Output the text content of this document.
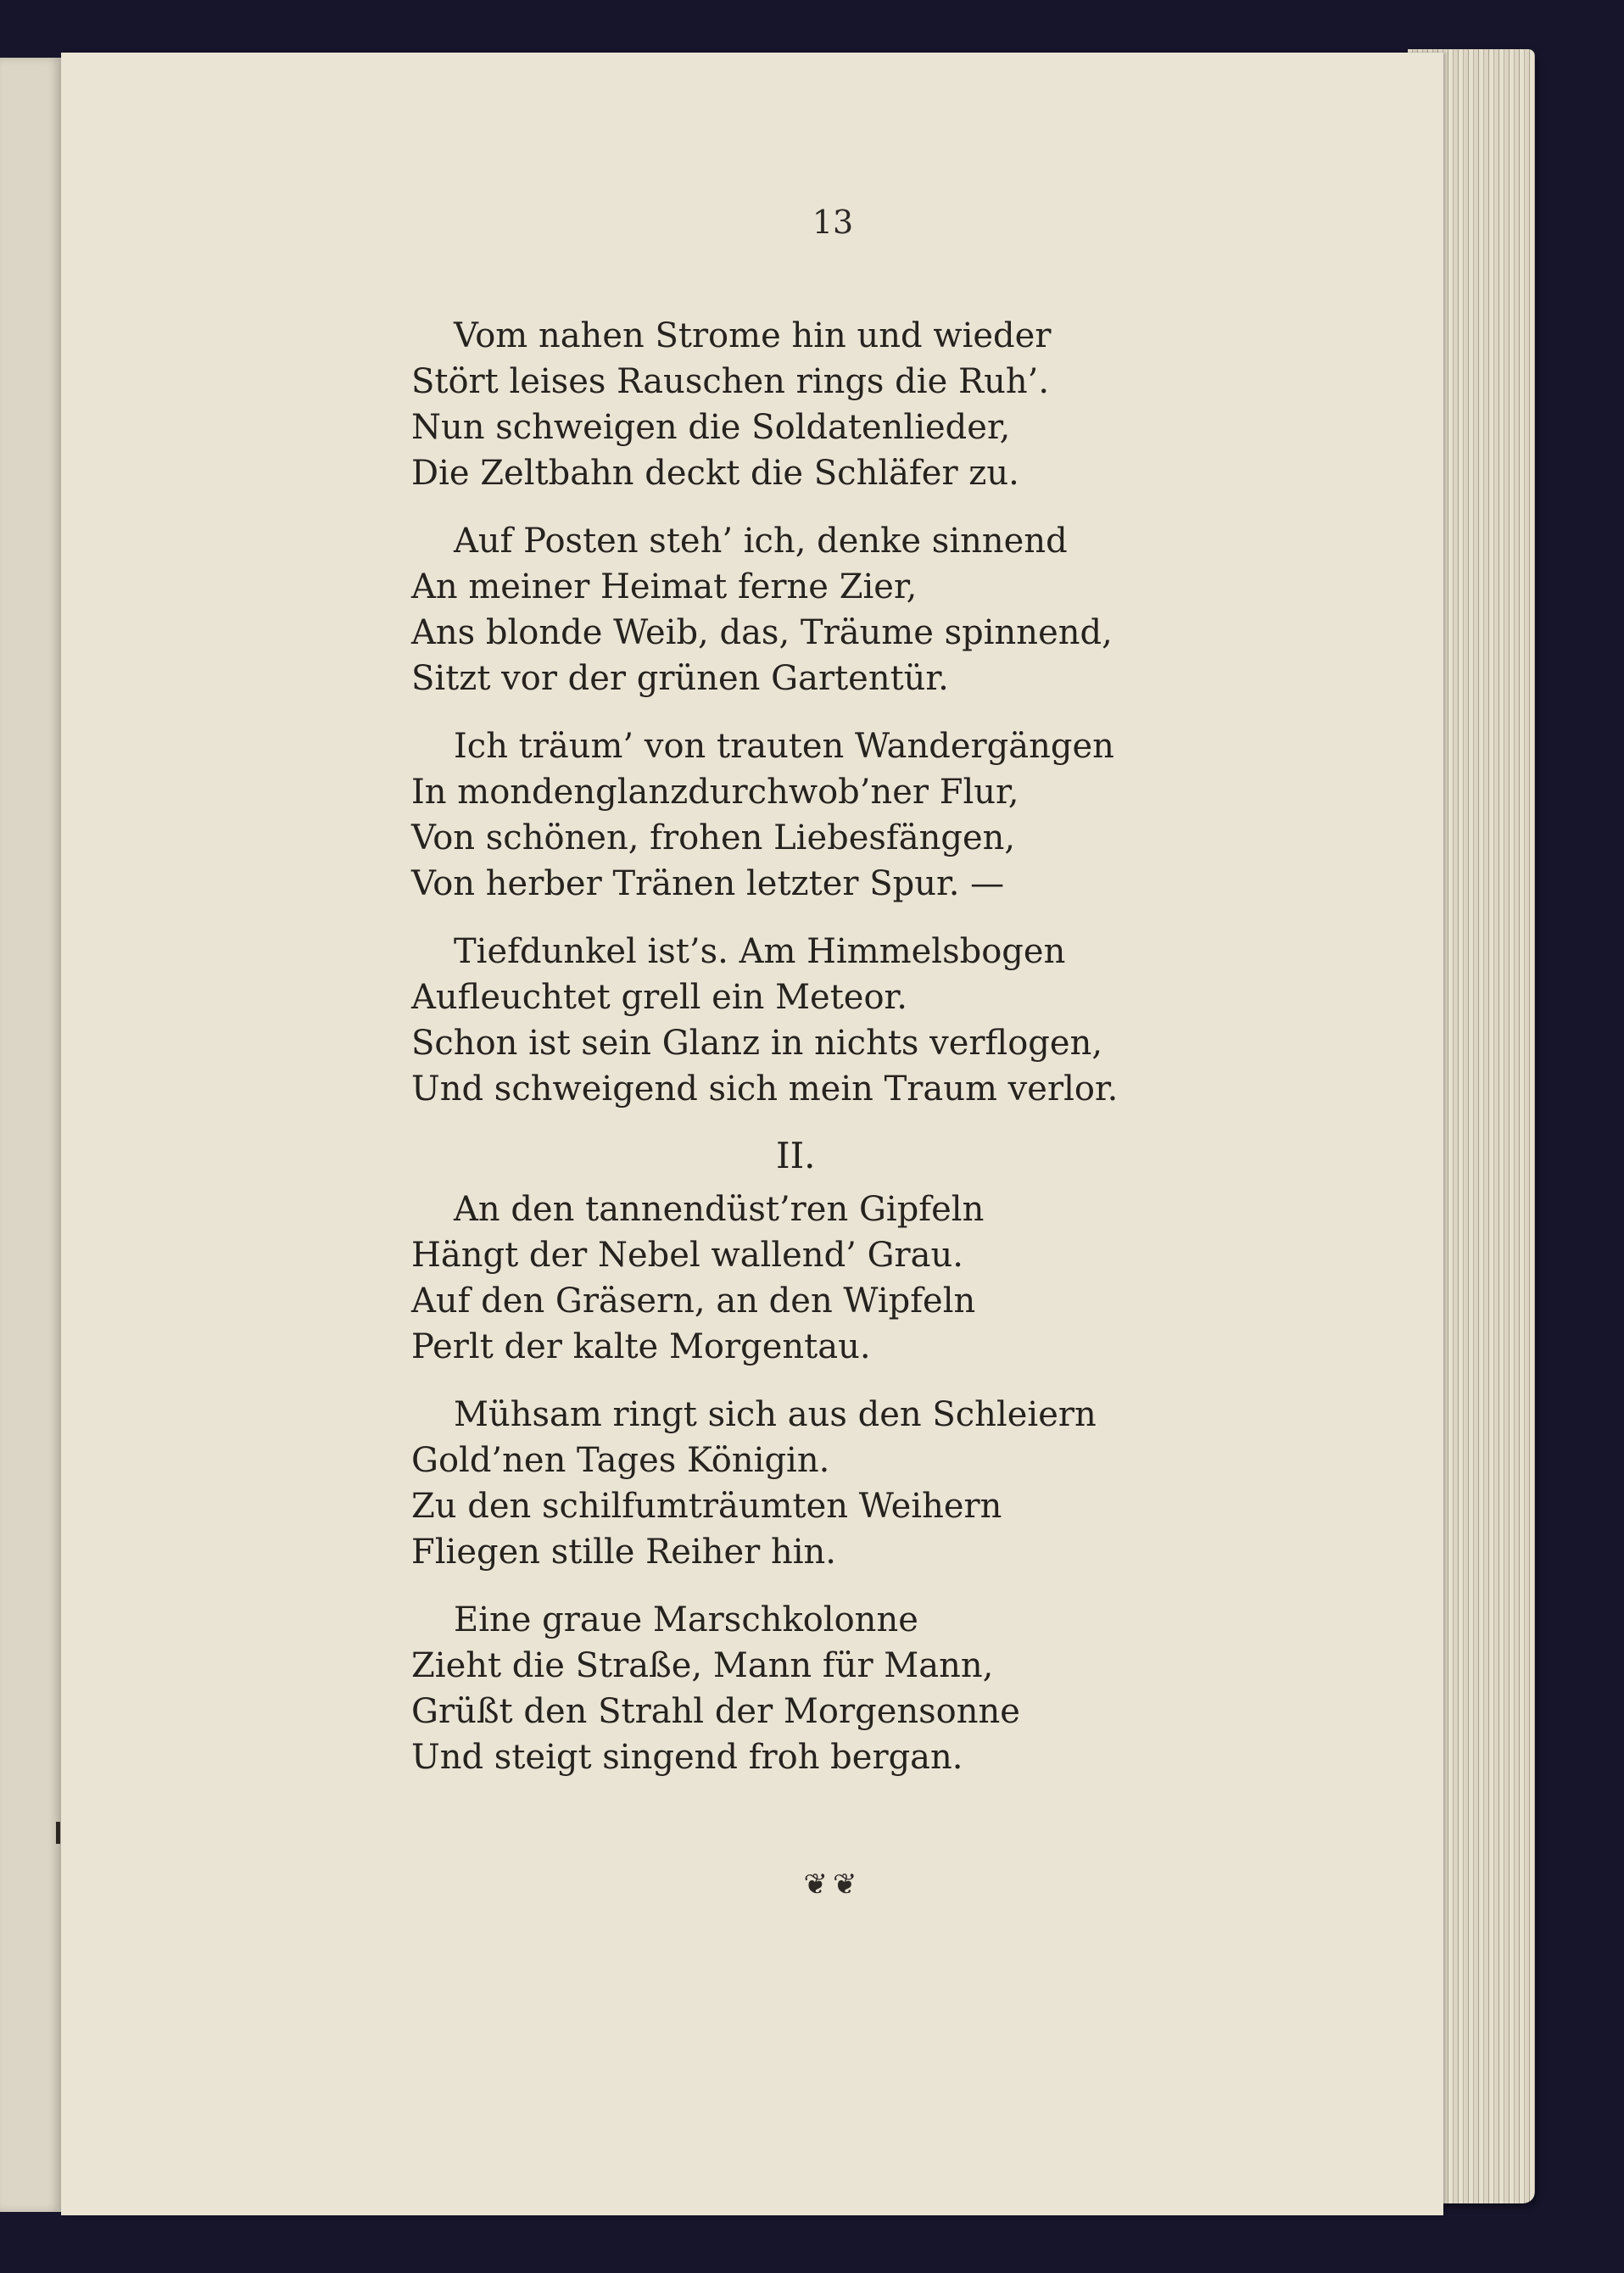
13
Vom nahen Strome hin und wieder
Stört leises Rauschen rings die Ruh’.
Nun schweigen die Soldatenlieder,
Die Zeltbahn deckt die Schläfer zu.
Auf Posten steh’ ich, denke sinnend
An meiner Heimat ferne Zier,
Ans blonde Weib, das, Träume spinnend,
Sitzt vor der grünen Gartentür.
Ich träum’ von trauten Wandergängen
In mondenglanzdurchwob’ner Flur,
Von schönen, frohen Liebesfängen,
Von herber Tränen letzter Spur. —
Tiefdunkel ist’s. Am Himmelsbogen
Aufleuchtet grell ein Meteor.
Schon ist sein Glanz in nichts verflogen,
Und schweigend sich mein Traum verlor.
II.
An den tannendüst’ren Gipfeln
Hängt der Nebel wallend’ Grau.
Auf den Gräsern, an den Wipfeln
Perlt der kalte Morgentau.
Mühsam ringt sich aus den Schleiern
Gold’nen Tages Königin.
Zu den schilfumträumten Weihern
Fliegen stille Reiher hin.
Eine graue Marschkolonne
Zieht die Straße, Mann für Mann,
Grüßt den Strahl der Morgensonne
Und steigt singend froh bergan.
❦❦
